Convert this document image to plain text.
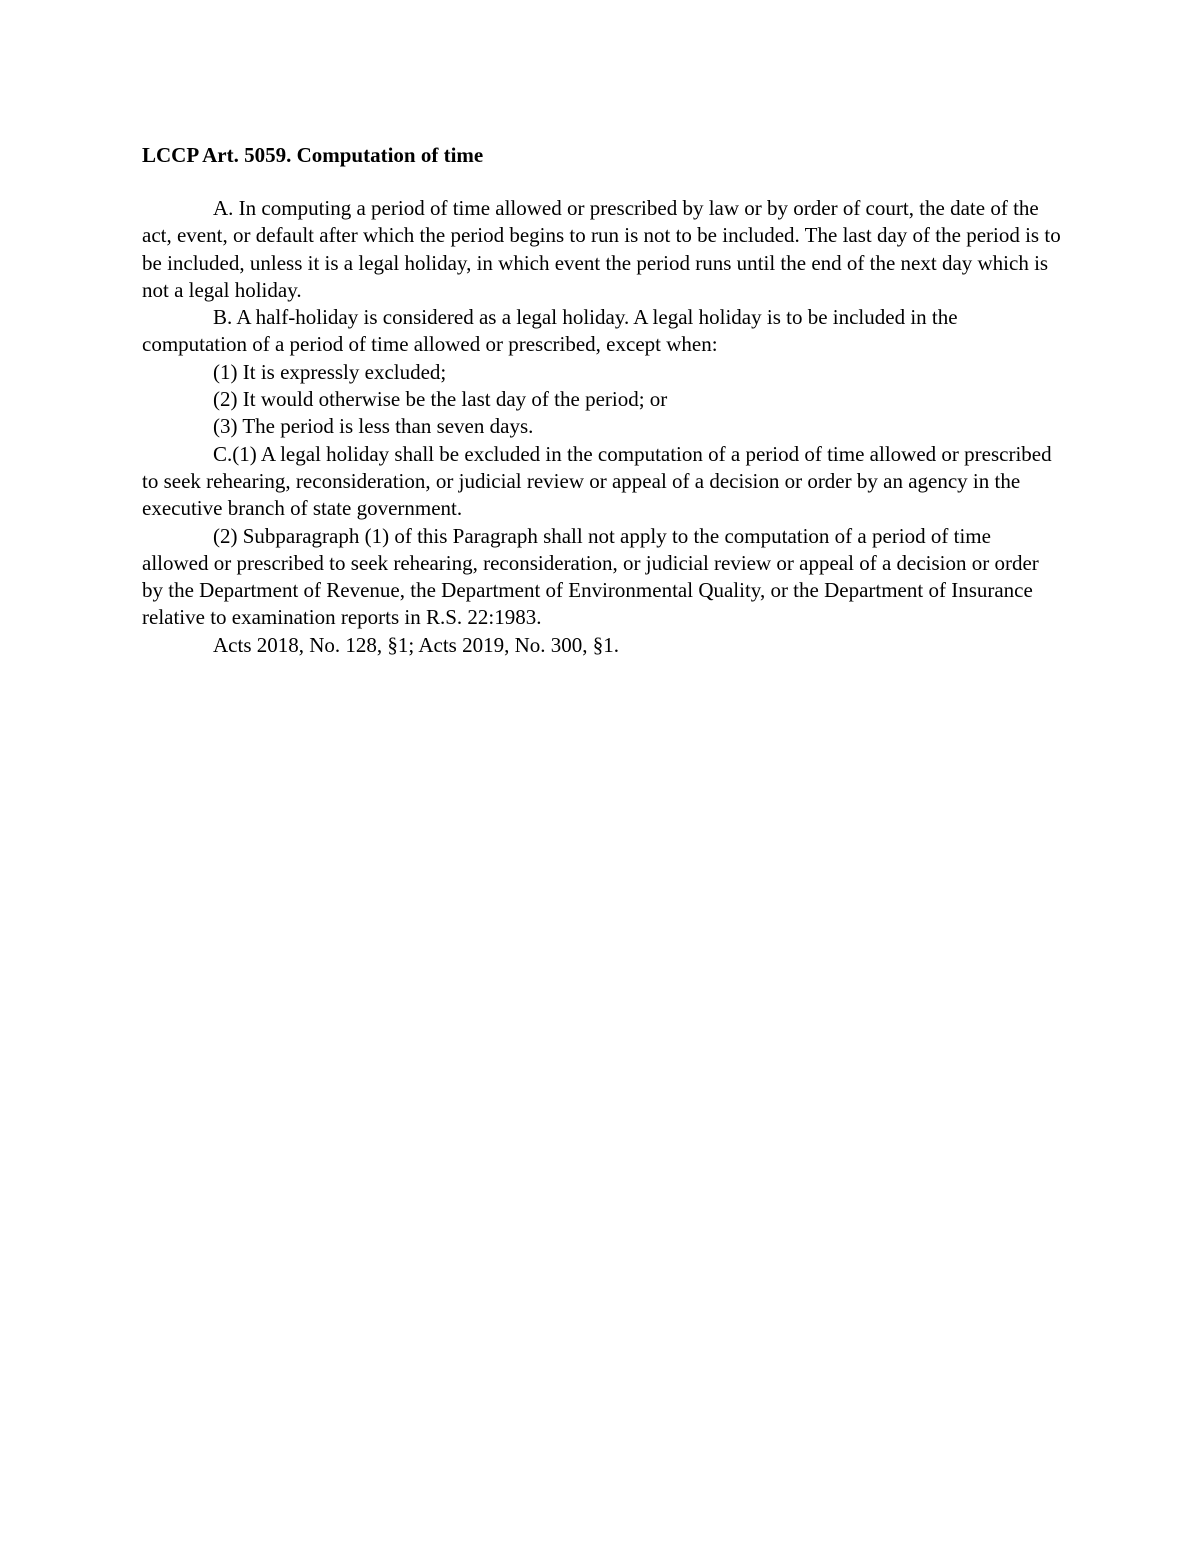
LCCP Art. 5059. Computation of time

A. In computing a period of time allowed or prescribed by law or by order of court, the date of the act, event, or default after which the period begins to run is not to be included. The last day of the period is to be included, unless it is a legal holiday, in which event the period runs until the end of the next day which is not a legal holiday.

B. A half-holiday is considered as a legal holiday. A legal holiday is to be included in the computation of a period of time allowed or prescribed, except when:

(1) It is expressly excluded;

(2) It would otherwise be the last day of the period; or

(3) The period is less than seven days.

C.(1) A legal holiday shall be excluded in the computation of a period of time allowed or prescribed to seek rehearing, reconsideration, or judicial review or appeal of a decision or order by an agency in the executive branch of state government.

(2) Subparagraph (1) of this Paragraph shall not apply to the computation of a period of time allowed or prescribed to seek rehearing, reconsideration, or judicial review or appeal of a decision or order by the Department of Revenue, the Department of Environmental Quality, or the Department of Insurance relative to examination reports in R.S. 22:1983.

Acts 2018, No. 128, §1; Acts 2019, No. 300, §1.
